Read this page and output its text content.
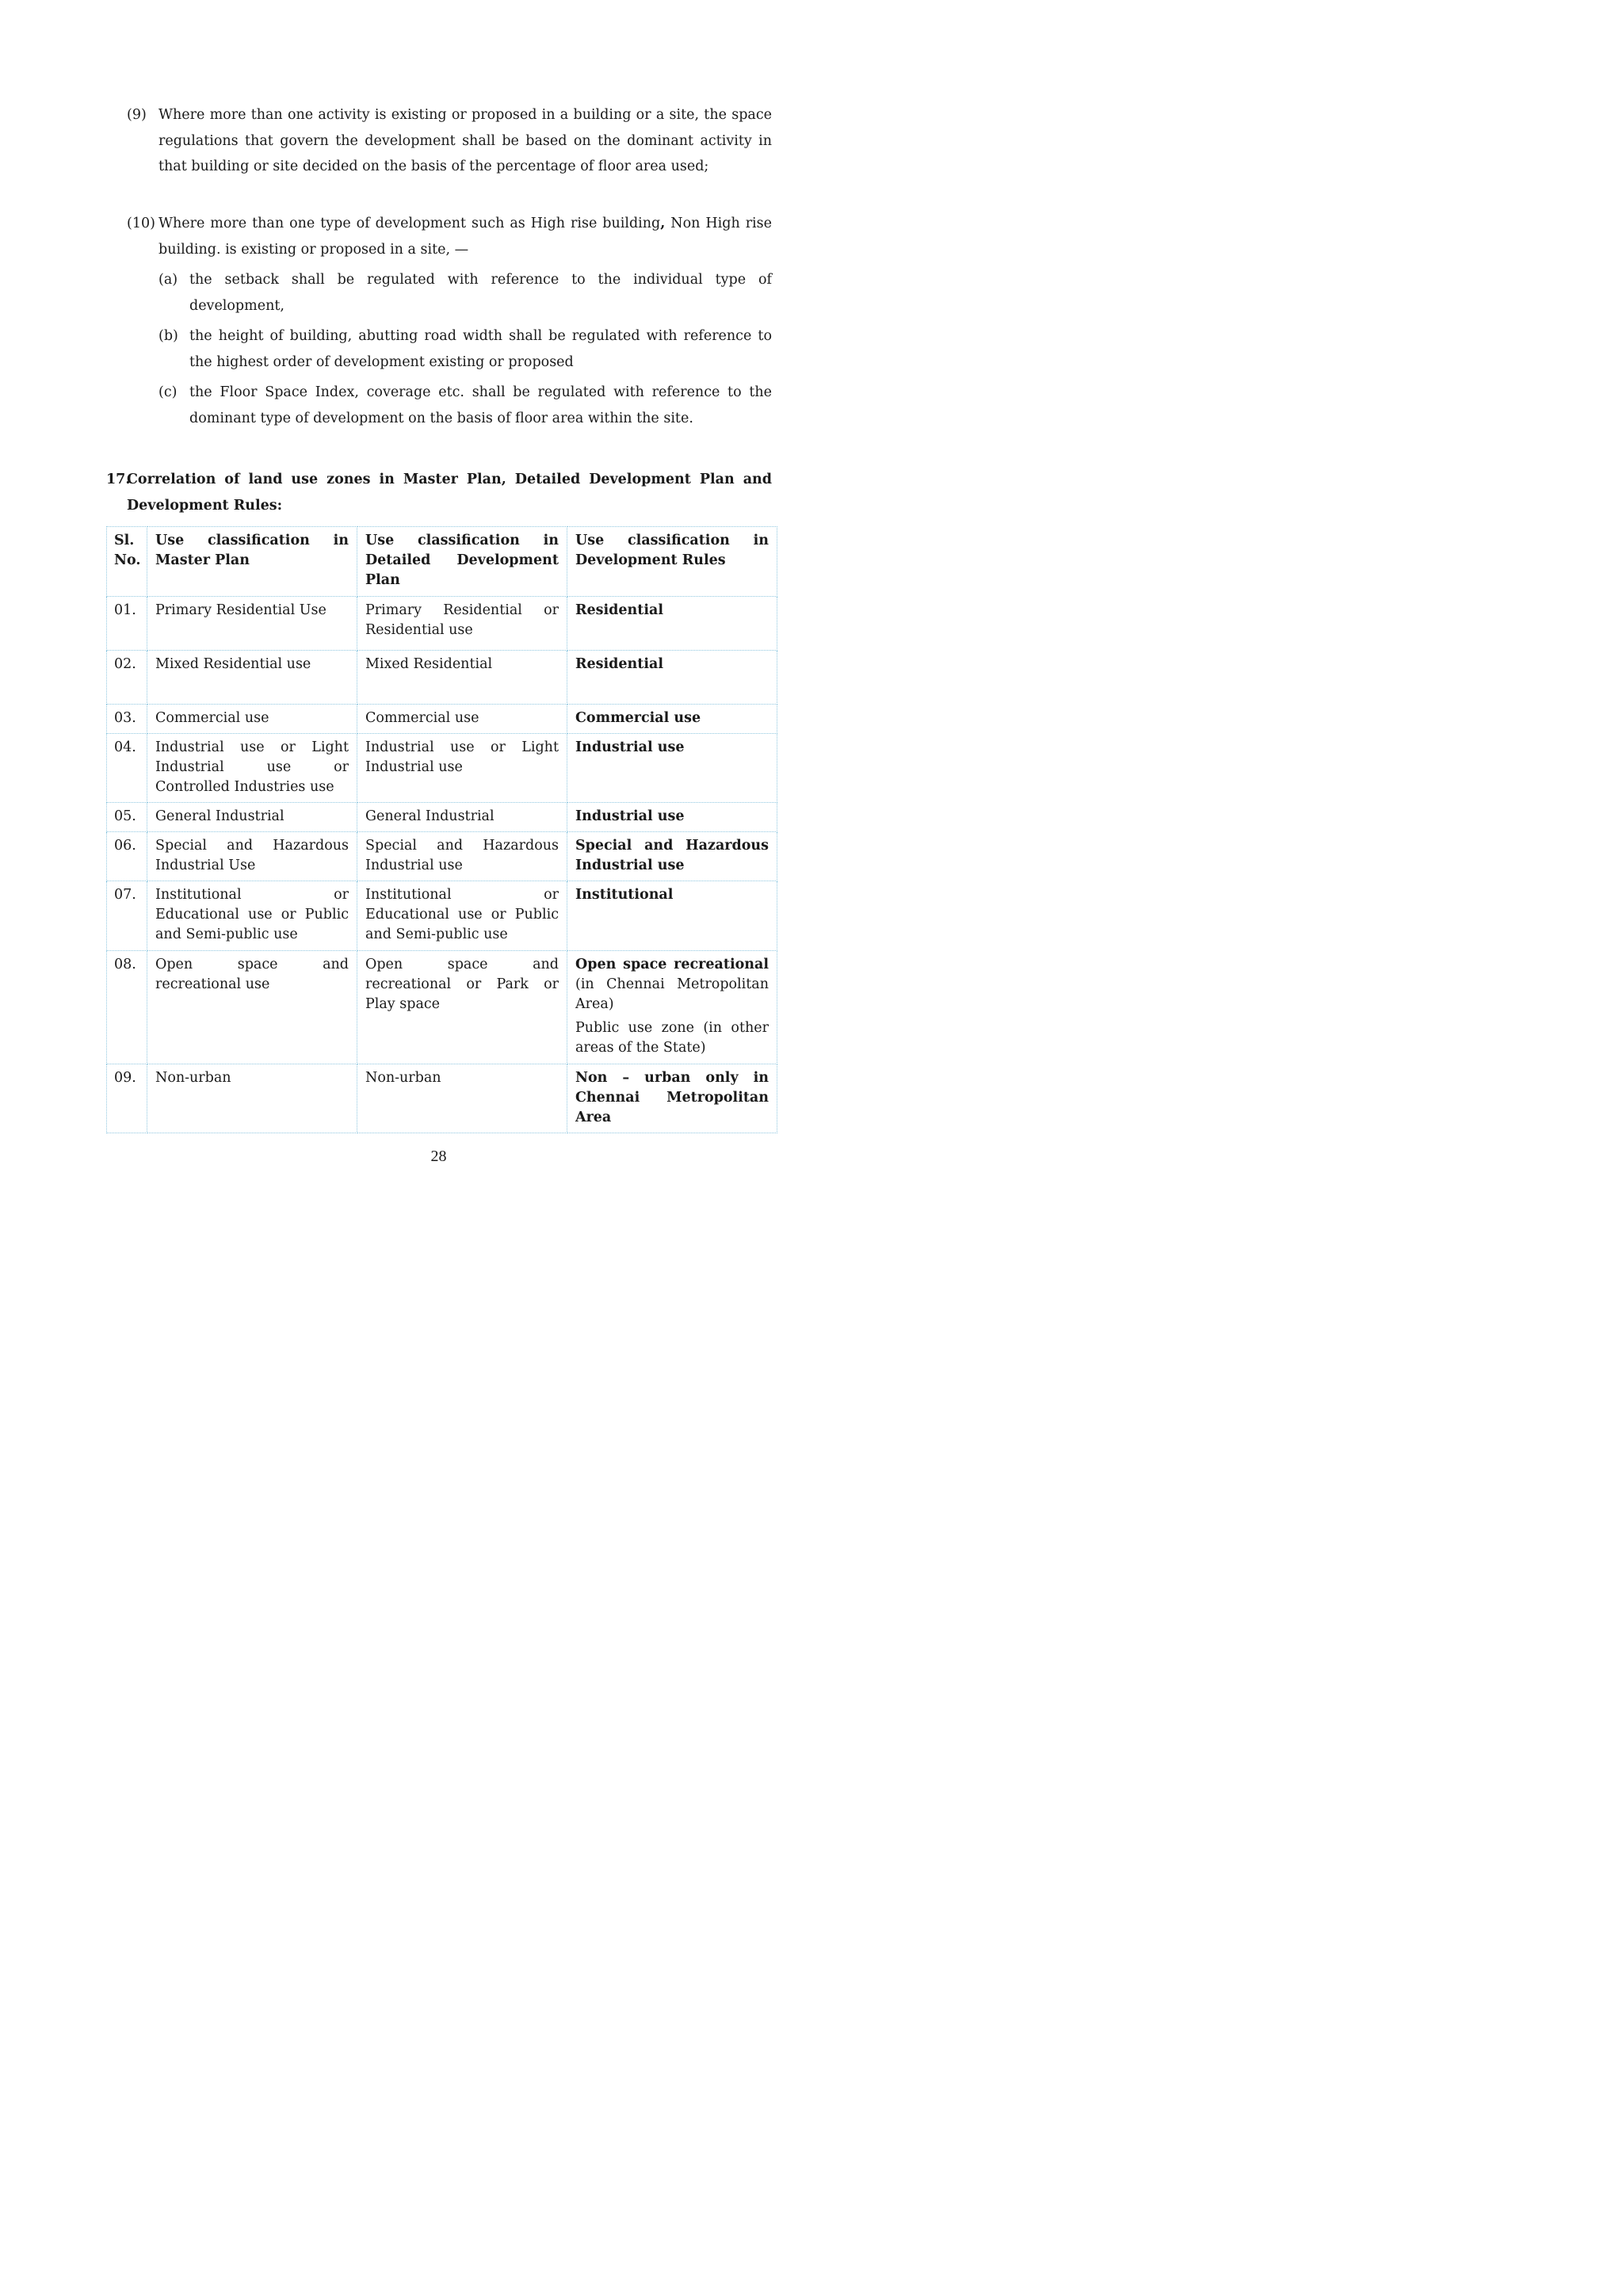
(9) Where more than one activity is existing or proposed in a building or a site, the space regulations that govern the development shall be based on the dominant activity in that building or site decided on the basis of the percentage of floor area used;
(10) Where more than one type of development such as High rise building, Non High rise building. is existing or proposed in a site, —
(a) the setback shall be regulated with reference to the individual type of development,
(b) the height of building, abutting road width shall be regulated with reference to the highest order of development existing or proposed
(c) the Floor Space Index, coverage etc. shall be regulated with reference to the dominant type of development on the basis of floor area within the site.
17.
Correlation of land use zones in Master Plan, Detailed Development Plan and Development Rules:
Sl. No.	Use classification in Master Plan	Use classification in Detailed Development Plan	Use classification in Development Rules
01.	Primary Residential Use	Primary Residential or Residential use	Residential
02.	Mixed Residential use	Mixed Residential	Residential
03.	Commercial use	Commercial use	Commercial use
04.	Industrial use or Light Industrial use or Controlled Industries use	Industrial use or Light Industrial use	Industrial use
05.	General Industrial	General Industrial	Industrial use
06.	Special and Hazardous Industrial Use	Special and Hazardous Industrial use	Special and Hazardous Industrial use
07.	Institutional or Educational use or Public and Semi-public use	Institutional or Educational use or Public and Semi-public use	Institutional
08.	Open space and recreational use	Open space and recreational or Park or Play space	Open space recreational (in Chennai Metropolitan Area)
Public use zone (in other areas of the State)

09.	Non-urban	Non-urban	Non – urban only in Chennai Metropolitan Area
28
